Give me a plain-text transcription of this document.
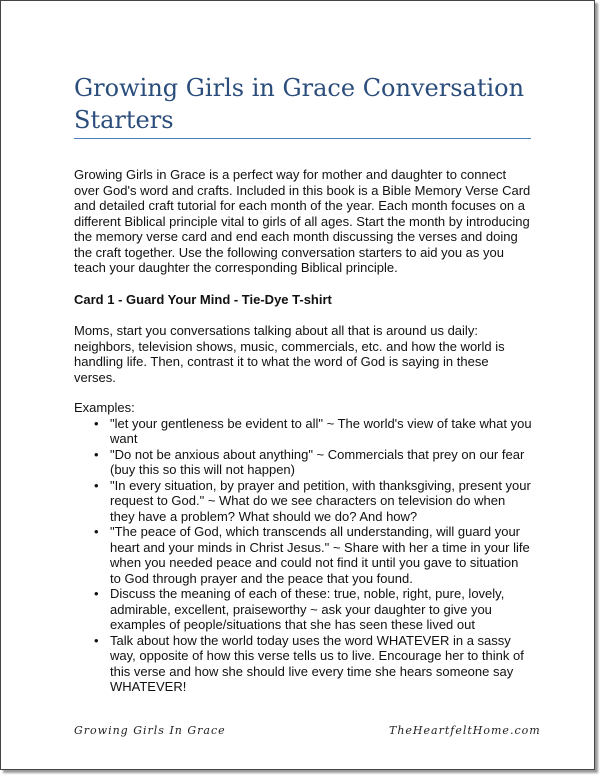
Growing Girls in Grace Conversation Starters

Growing Girls in Grace is a perfect way for mother and daughter to connect over God's word and crafts. Included in this book is a Bible Memory Verse Card and detailed craft tutorial for each month of the year. Each month focuses on a different Biblical principle vital to girls of all ages. Start the month by introducing the memory verse card and end each month discussing the verses and doing the craft together. Use the following conversation starters to aid you as you teach your daughter the corresponding Biblical principle.

Card 1 - Guard Your Mind - Tie-Dye T-shirt

Moms, start you conversations talking about all that is around us daily: neighbors, television shows, music, commercials, etc. and how the world is handling life. Then, contrast it to what the word of God is saying in these verses.

Examples:

• "let your gentleness be evident to all" ~ The world's view of take what you want
• "Do not be anxious about anything" ~ Commercials that prey on our fear (buy this so this will not happen)
• "In every situation, by prayer and petition, with thanksgiving, present your request to God." ~ What do we see characters on television do when they have a problem? What should we do? And how?
• "The peace of God, which transcends all understanding, will guard your heart and your minds in Christ Jesus." ~ Share with her a time in your life when you needed peace and could not find it until you gave to situation to God through prayer and the peace that you found.
• Discuss the meaning of each of these: true, noble, right, pure, lovely, admirable, excellent, praiseworthy ~ ask your daughter to give you examples of people/situations that she has seen these lived out
• Talk about how the world today uses the word WHATEVER in a sassy way, opposite of how this verse tells us to live. Encourage her to think of this verse and how she should live every time she hears someone say WHATEVER!
Growing Girls In Grace	TheHeartfeltHome.com
